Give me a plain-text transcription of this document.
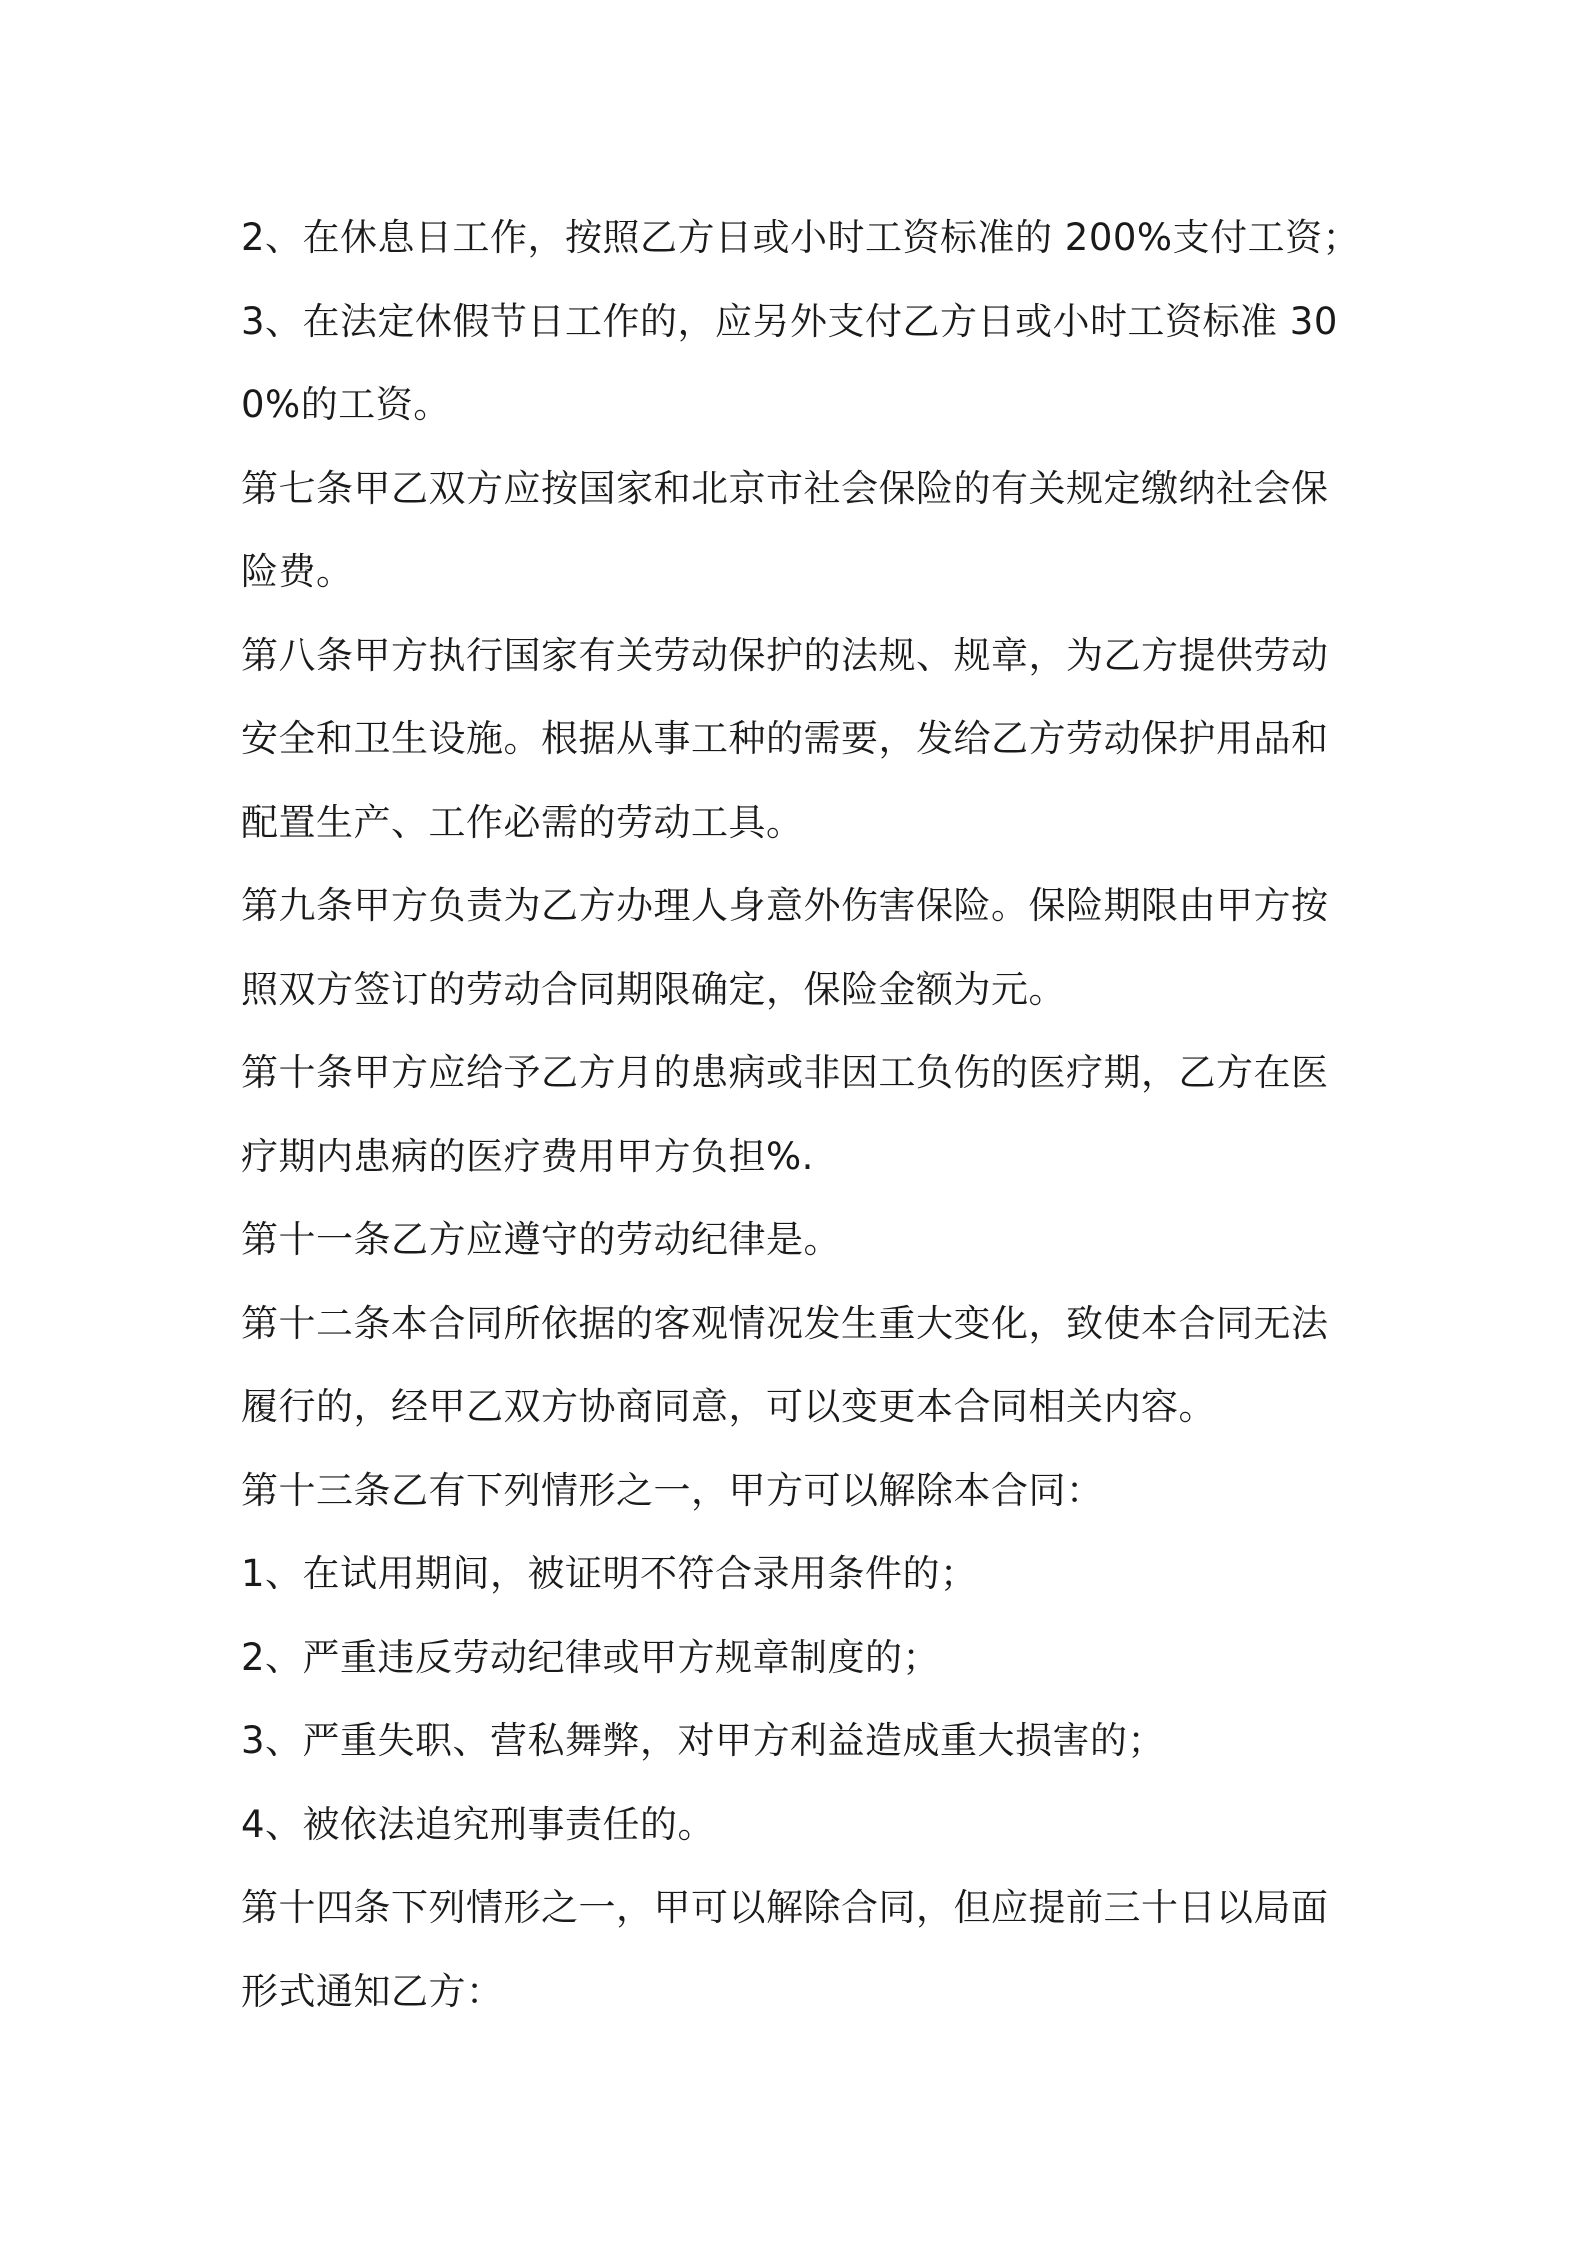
2、在休息日工作，按照乙方日或小时工资标准的 200%支付工资；

3、在法定休假节日工作的，应另外支付乙方日或小时工资标准 300%的工资。

第七条甲乙双方应按国家和北京市社会保险的有关规定缴纳社会保险费。

第八条甲方执行国家有关劳动保护的法规、规章，为乙方提供劳动安全和卫生设施。根据从事工种的需要，发给乙方劳动保护用品和配置生产、工作必需的劳动工具。

第九条甲方负责为乙方办理人身意外伤害保险。保险期限由甲方按照双方签订的劳动合同期限确定，保险金额为元。

第十条甲方应给予乙方月的患病或非因工负伤的医疗期，乙方在医疗期内患病的医疗费用甲方负担%.

第十一条乙方应遵守的劳动纪律是。

第十二条本合同所依据的客观情况发生重大变化，致使本合同无法履行的，经甲乙双方协商同意，可以变更本合同相关内容。

第十三条乙有下列情形之一，甲方可以解除本合同：

1、在试用期间，被证明不符合录用条件的；

2、严重违反劳动纪律或甲方规章制度的；

3、严重失职、营私舞弊，对甲方利益造成重大损害的；

4、被依法追究刑事责任的。

第十四条下列情形之一，甲可以解除合同，但应提前三十日以局面形式通知乙方：
